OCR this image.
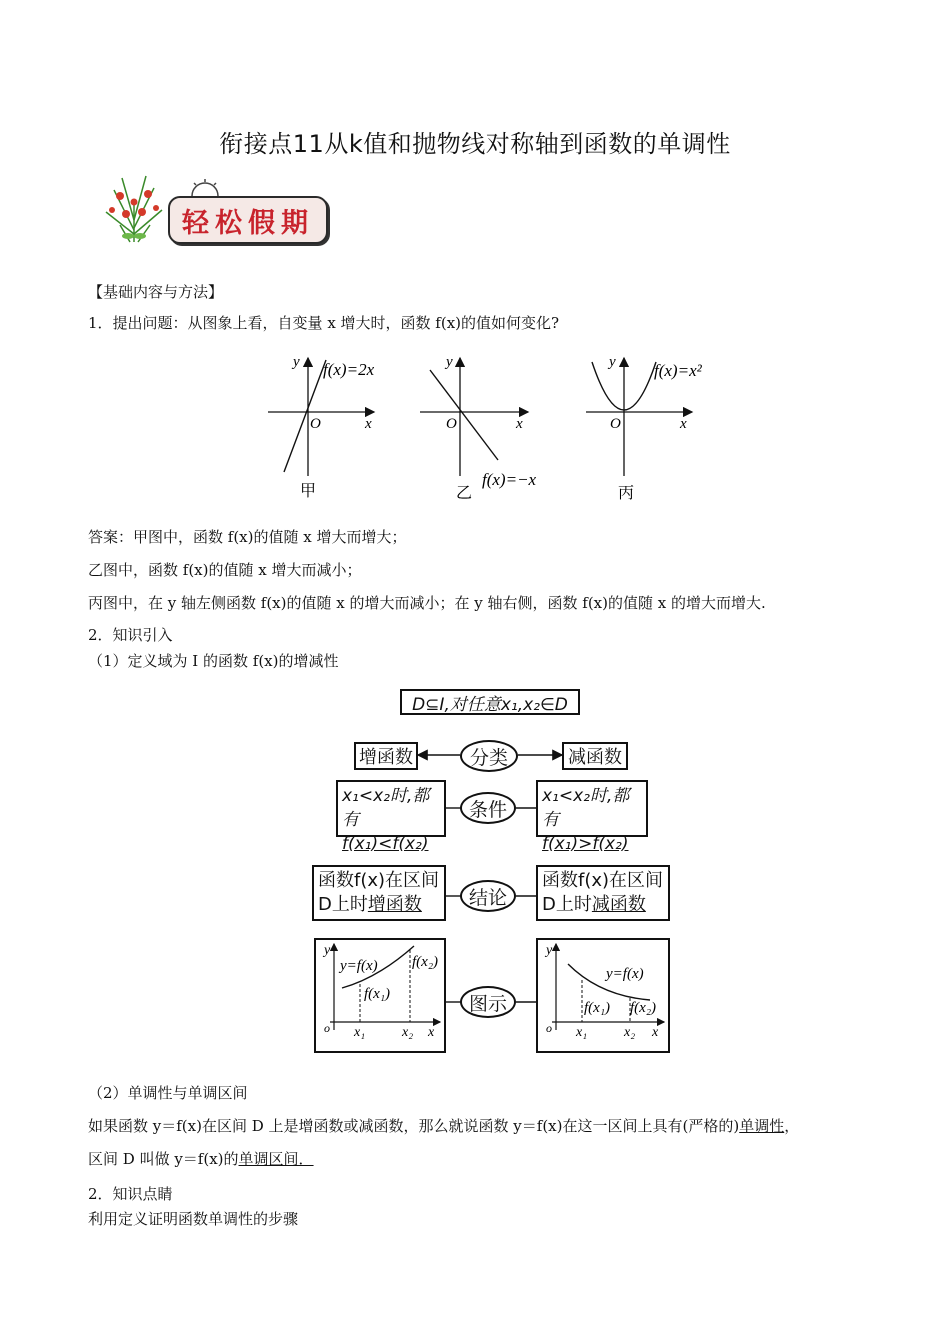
衔接点11从k值和抛物线对称轴到函数的单调性
轻松假期
【基础内容与方法】
1．提出问题：从图象上看，自变量 x 增大时，函数 f(x)的值如何变化?
y
x
O
f(x)=2x
甲
y
x
O
f(x)=−x
乙
y
x
O
f(x)=x²
丙
答案：甲图中，函数 f(x)的值随 x 增大而增大；
乙图中，函数 f(x)的值随 x 增大而减小；
丙图中，在 y 轴左侧函数 f(x)的值随 x 的增大而减小；在 y 轴右侧，函数 f(x)的值随 x 的增大而增大.
2．知识引入
（1）定义域为 I 的函数 f(x)的增减性
D⊆I,对任意x₁,x₂∈D
增函数	分类	减函数
x₁<x₂时,都有
f(x₁)<f(x₂)
条件
x₁<x₂时,都有
f(x₁)>f(x₂)
函数f(x)在区间
D上时增函数	结论
函数f(x)在区间
D上时减函数
y
y=f(x) f(x₂)
f(x₁)
o x₁	x₂ x
图示
y
y=f(x)
f(x₁) f(x₂)
o x₁	x₂ x
（2）单调性与单调区间
如果函数 y＝f(x)在区间 D 上是增函数或减函数，那么就说函数 y＝f(x)在这一区间上具有(严格的)单调性，
区间 D 叫做 y＝f(x)的单调区间．
2．知识点睛
利用定义证明函数单调性的步骤
